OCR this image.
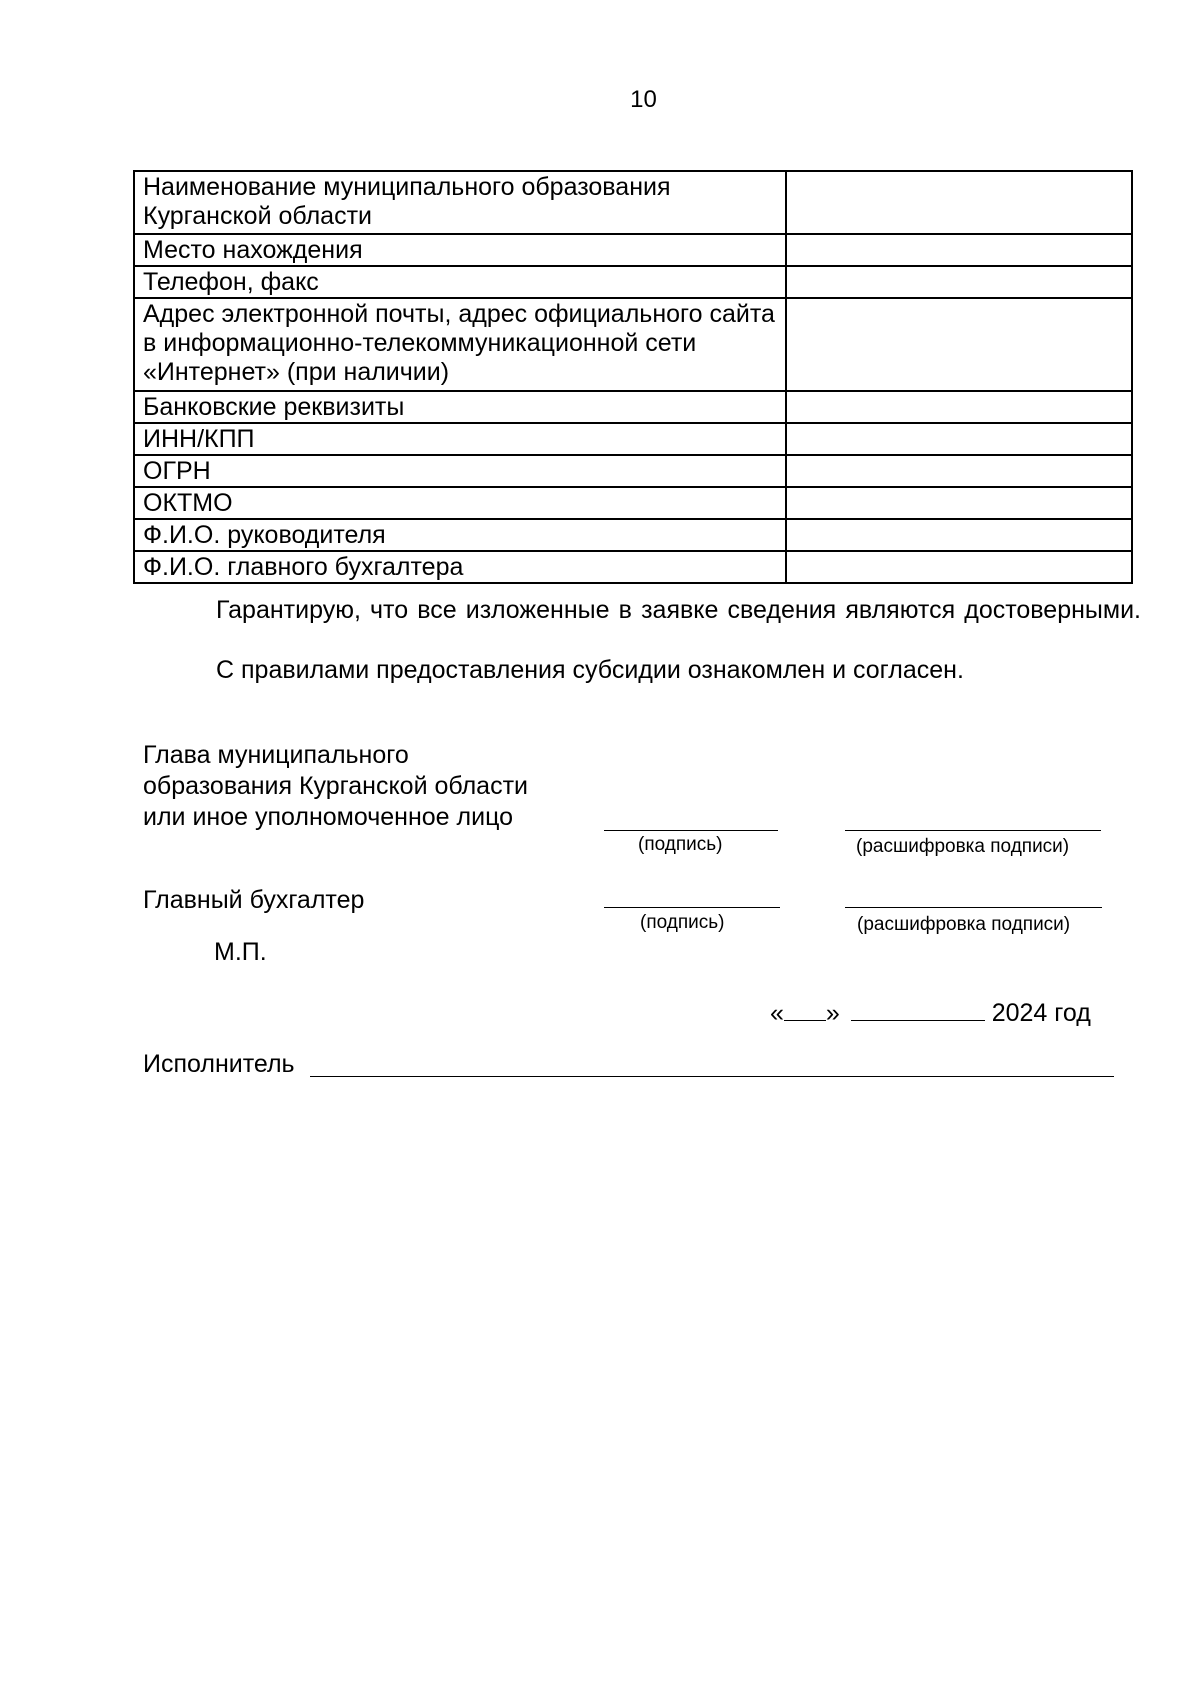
10
Наименование муниципального образования Курганской области	
Место нахождения	
Телефон, факс	
Адрес электронной почты, адрес официального сайта в информационно-телекоммуникационной сети «Интернет» (при наличии)	
Банковские реквизиты	
ИНН/КПП	
ОГРН	
ОКТМО	
Ф.И.О. руководителя	
Ф.И.О. главного бухгалтера	
Гарантирую, что все изложенные в заявке сведения являются достоверными.
С правилами предоставления субсидии ознакомлен и согласен.
Глава муниципального образования Курганской области или иное уполномоченное лицо
(подпись)	(расшифровка подписи)
Главный бухгалтер
(подпись)	(расшифровка подписи)
М.П.
« »	2024 год
Исполнитель
